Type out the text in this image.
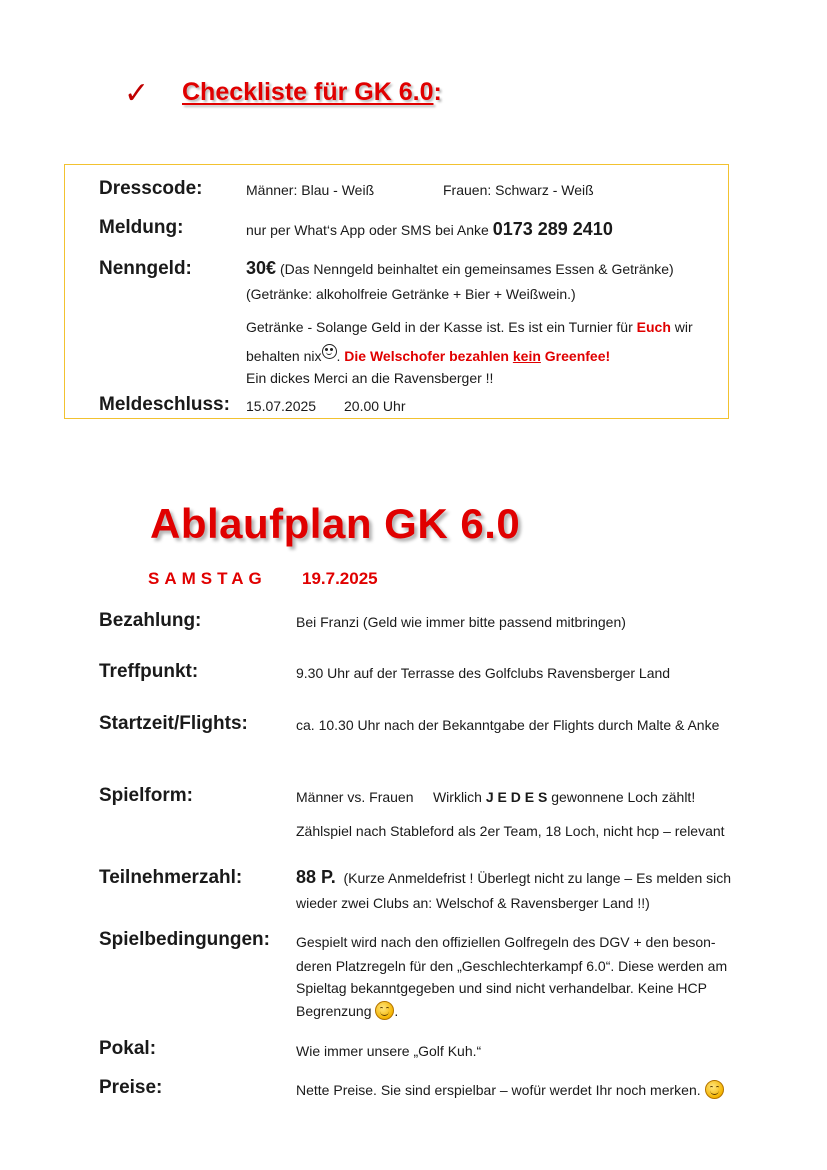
✓ Checkliste für GK 6.0:
Dresscode:	Männer: Blau - Weiß	Frauen: Schwarz - Weiß
Meldung:	nur per What‘s App oder SMS bei Anke 0173 289 2410
Nenngeld:	30€ (Das Nenngeld beinhaltet ein gemeinsames Essen & Getränke)
(Getränke: alkoholfreie Getränke + Bier + Weißwein.)
Getränke - Solange Geld in der Kasse ist. Es ist ein Turnier für Euch wir
behalten nix . Die Welschofer bezahlen kein Greenfee!
Ein dickes Merci an die Ravensberger !!
Meldeschluss: 15.07.2025 20.00 Uhr
Ablaufplan GK 6.0
SAMSTAG 19.7.2025
Bezahlung:	Bei Franzi (Geld wie immer bitte passend mitbringen)
Treffpunkt:	9.30 Uhr auf der Terrasse des Golfclubs Ravensberger Land
Startzeit/Flights:	ca. 10.30 Uhr nach der Bekanntgabe der Flights durch Malte & Anke
Spielform:	Männer vs. Frauen Wirklich J E D E S gewonnene Loch zählt!
Zählspiel nach Stableford als 2er Team, 18 Loch, nicht hcp – relevant
Teilnehmerzahl:	88 P. (Kurze Anmeldefrist ! Überlegt nicht zu lange – Es melden sich
wieder zwei Clubs an: Welschof & Ravensberger Land !!)
Spielbedingungen: Gespielt wird nach den offiziellen Golfregeln des DGV + den beson-
deren Platzregeln für den „Geschlechterkampf 6.0“. Diese werden am
Spieltag bekanntgegeben und sind nicht verhandelbar. Keine HCP
Begrenzung .
Pokal:	Wie immer unsere „Golf Kuh.“
Preise:	Nette Preise. Sie sind erspielbar – wofür werdet Ihr noch merken.
